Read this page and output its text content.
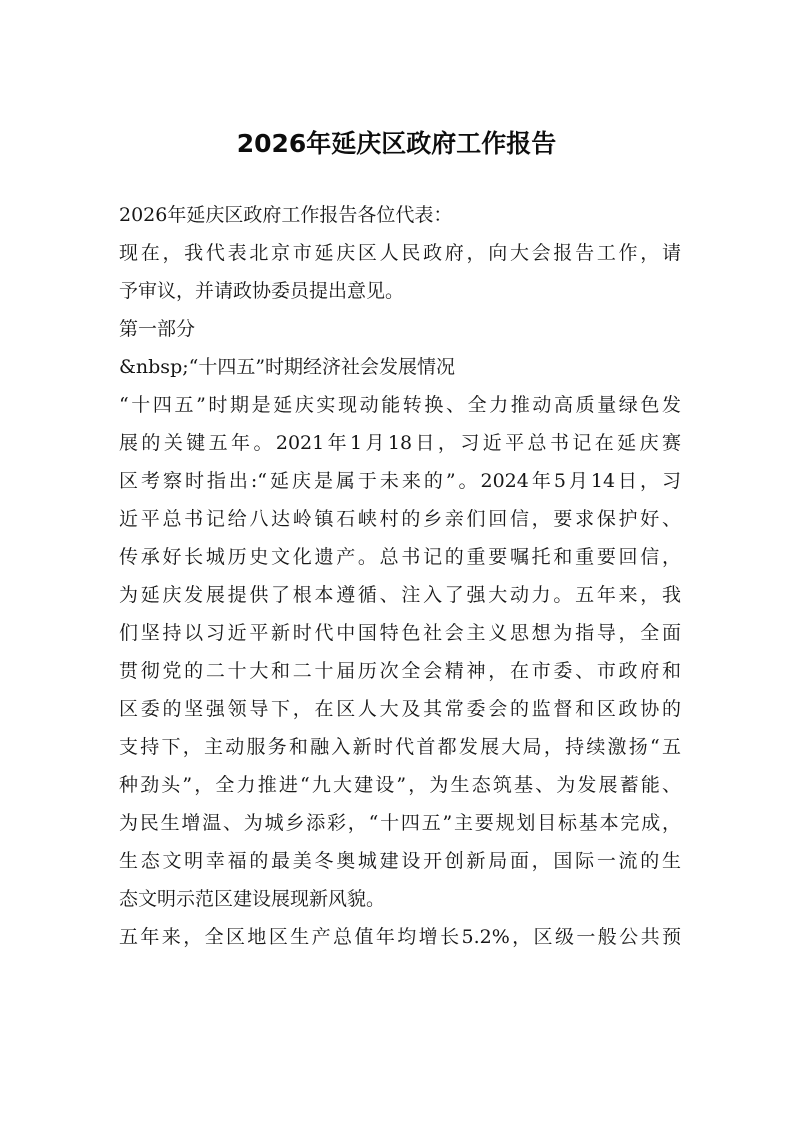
2026年延庆区政府工作报告
2026年延庆区政府工作报告各位代表：
现在，我代表北京市延庆区人民政府，向大会报告工作，请
予审议，并请政协委员提出意见。
第一部分
&nbsp;“十四五”时期经济社会发展情况
“十四五”时期是延庆实现动能转换、全力推动高质量绿色发
展的关键五年。2021年1月18日，习近平总书记在延庆赛
区考察时指出:“延庆是属于未来的”。2024年5月14日，习
近平总书记给八达岭镇石峡村的乡亲们回信，要求保护好、
传承好长城历史文化遗产。总书记的重要嘱托和重要回信，
为延庆发展提供了根本遵循、注入了强大动力。五年来，我
们坚持以习近平新时代中国特色社会主义思想为指导，全面
贯彻党的二十大和二十届历次全会精神，在市委、市政府和
区委的坚强领导下，在区人大及其常委会的监督和区政协的
支持下，主动服务和融入新时代首都发展大局，持续激扬“五
种劲头”，全力推进“九大建设”，为生态筑基、为发展蓄能、
为民生增温、为城乡添彩，“十四五”主要规划目标基本完成，
生态文明幸福的最美冬奥城建设开创新局面，国际一流的生
态文明示范区建设展现新风貌。
五年来，全区地区生产总值年均增长5.2%，区级一般公共预
